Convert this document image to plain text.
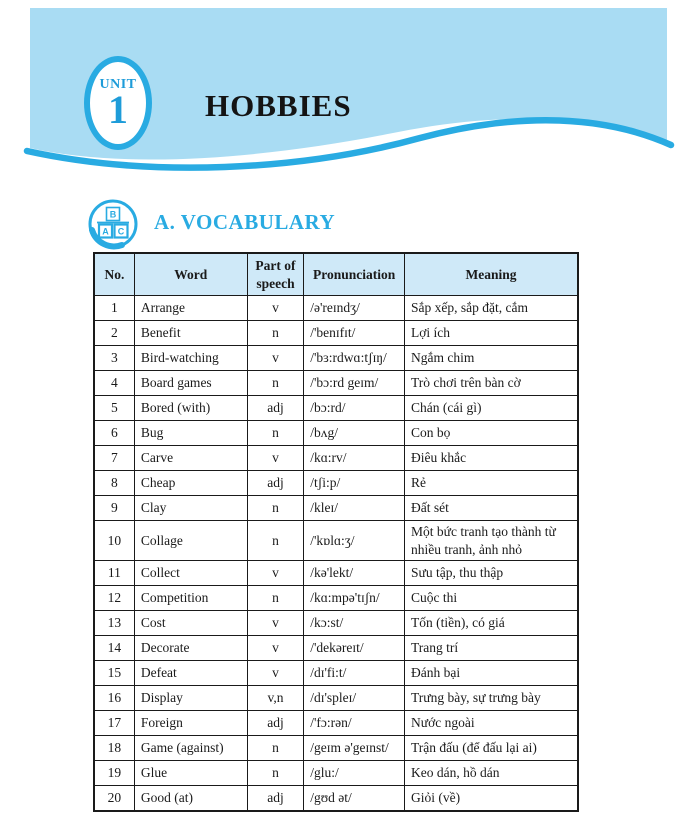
UNIT
1 HOBBIES
B
A C A. VOCABULARY
No.	Word	Part of speech	Pronunciation	Meaning
1	Arrange	v	/ə'reɪndʒ/	Sắp xếp, sắp đặt, cắm
2	Benefit	n	/'benɪfɪt/	Lợi ích
3	Bird-watching	v	/'bɜ:rdwɑ:tʃɪŋ/	Ngắm chim
4	Board games	n	/'bɔ:rd geɪm/	Trò chơi trên bàn cờ
5	Bored (with)	adj	/bɔ:rd/	Chán (cái gì)
6	Bug	n	/bʌg/	Con bọ
7	Carve	v	/kɑ:rv/	Điêu khắc
8	Cheap	adj	/tʃi:p/	Rẻ
9	Clay	n	/kleɪ/	Đất sét
10	Collage	n	/'kɒlɑ:ʒ/	Một bức tranh tạo thành từ nhiều tranh, ảnh nhỏ
11	Collect	v	/kə'lekt/	Sưu tập, thu thập
12	Competition	n	/kɑ:mpə'tɪʃn/	Cuộc thi
13	Cost	v	/kɔ:st/	Tốn (tiền), có giá
14	Decorate	v	/'dekəreɪt/	Trang trí
15	Defeat	v	/dɪ'fi:t/	Đánh bại
16	Display	v,n	/dɪ'spleɪ/	Trưng bày, sự trưng bày
17	Foreign	adj	/'fɔ:rən/	Nước ngoài
18	Game (against)	n	/geɪm ə'geɪnst/	Trận đấu (để đấu lại ai)
19	Glue	n	/glu:/	Keo dán, hồ dán
20	Good (at)	adj	/gʊd ət/	Giỏi (về)
